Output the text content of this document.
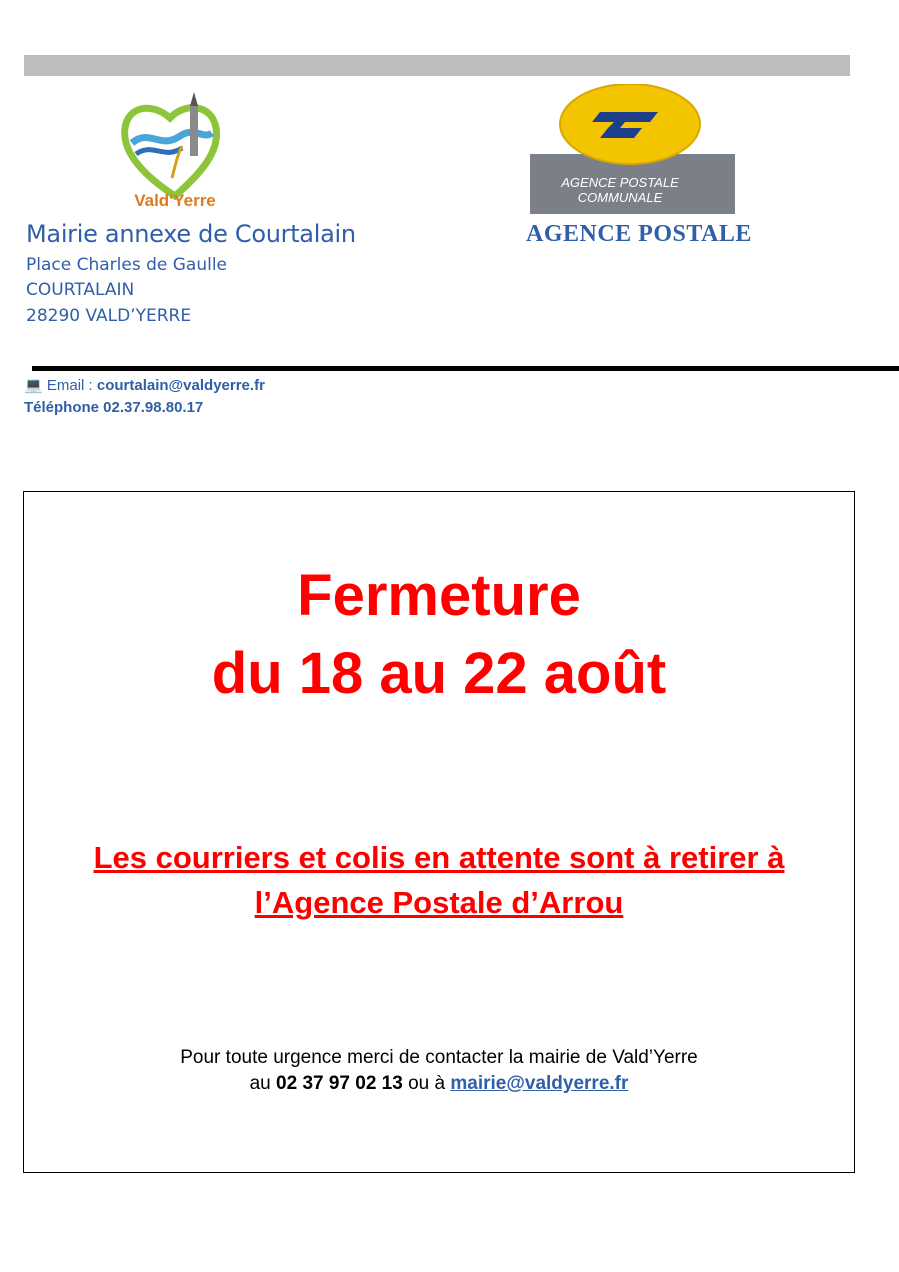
Vald'Yerre
AGENCE POSTALE
COMMUNALE
Mairie annexe de Courtalain
Place Charles de Gaulle
COURTALAIN
28290 VALD’YERRE
AGENCE POSTALE
💻 Email : courtalain@valdyerre.fr
Téléphone 02.37.98.80.17
Fermeture
du 18 au 22 août
Les courriers et colis en attente sont à retirer à
l’Agence Postale d’Arrou
Pour toute urgence merci de contacter la mairie de Vald’Yerre
au 02 37 97 02 13 ou à mairie@valdyerre.fr
